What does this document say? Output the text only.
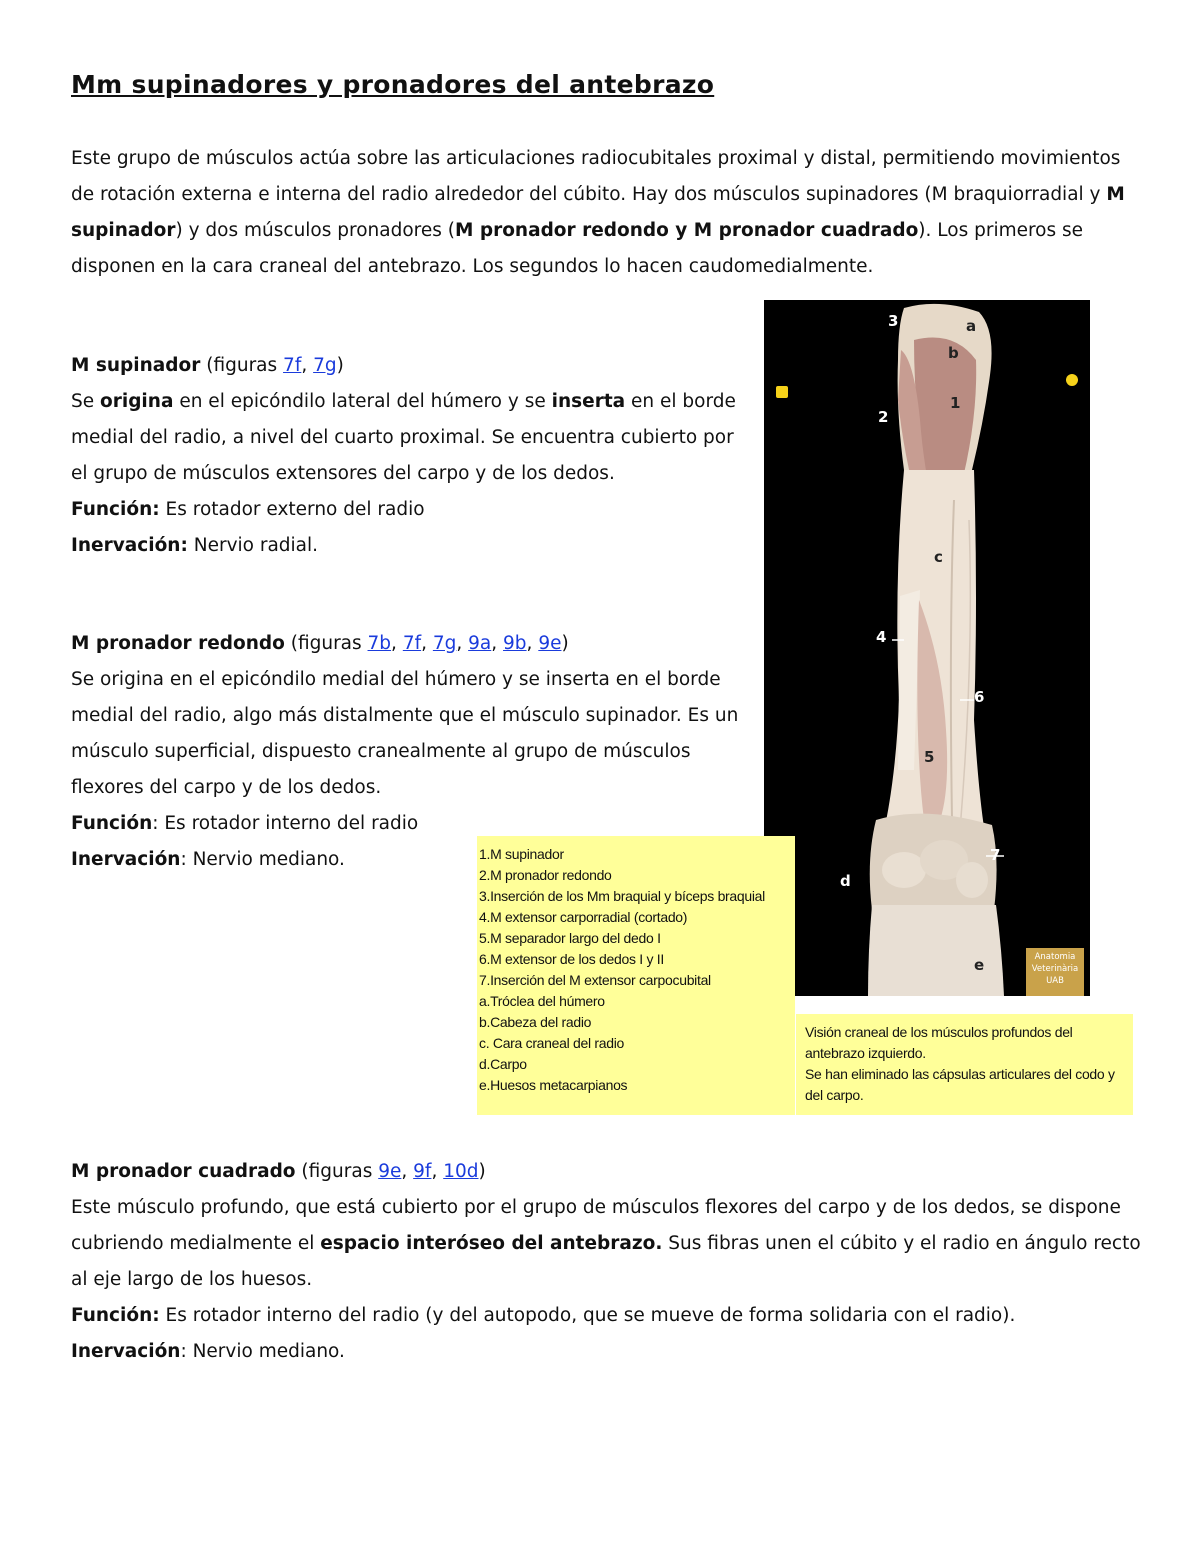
Mm supinadores y pronadores del antebrazo
Este grupo de músculos actúa sobre las articulaciones radiocubitales proximal y distal, permitiendo movimientos de rotación externa e interna del radio alrededor del cúbito. Hay dos músculos supinadores (M braquiorradial y M supinador) y dos músculos pronadores (M pronador redondo y M pronador cuadrado). Los primeros se disponen en la cara craneal del antebrazo. Los segundos lo hacen caudomedialmente.

M supinador (figuras 7f, 7g)

Se origina en el epicóndilo lateral del húmero y se inserta en el borde medial del radio, a nivel del cuarto proximal. Se encuentra cubierto por el grupo de músculos extensores del carpo y de los dedos.

Función: Es rotador externo del radio

Inervación: Nervio radial.

M pronador redondo (figuras 7b, 7f, 7g, 9a, 9b, 9e)

Se origina en el epicóndilo medial del húmero y se inserta en el borde medial del radio, algo más distalmente que el músculo supinador. Es un músculo superficial, dispuesto cranealmente al grupo de músculos flexores del carpo y de los dedos.

Función: Es rotador interno del radio

Inervación: Nervio mediano.

3	a
b
2
1
c
4
6
5
7
d
e	Anatomia
Veterinària
UAB
1.M supinador
2.M pronador redondo
3.Inserción de los Mm braquial y bíceps braquial
4.M extensor carporradial (cortado)
5.M separador largo del dedo I
6.M extensor de los dedos I y II
7.Inserción del M extensor carpocubital
a.Tróclea del húmero
b.Cabeza del radio
c. Cara craneal del radio
d.Carpo
e.Huesos metacarpianos

Visión craneal de los músculos profundos del antebrazo izquierdo.

Se han eliminado las cápsulas articulares del codo y del carpo.

M pronador cuadrado (figuras 9e, 9f, 10d)

Este músculo profundo, que está cubierto por el grupo de músculos flexores del carpo y de los dedos, se dispone cubriendo medialmente el espacio interóseo del antebrazo. Sus fibras unen el cúbito y el radio en ángulo recto al eje largo de los huesos.

Función: Es rotador interno del radio (y del autopodo, que se mueve de forma solidaria con el radio).

Inervación: Nervio mediano.
